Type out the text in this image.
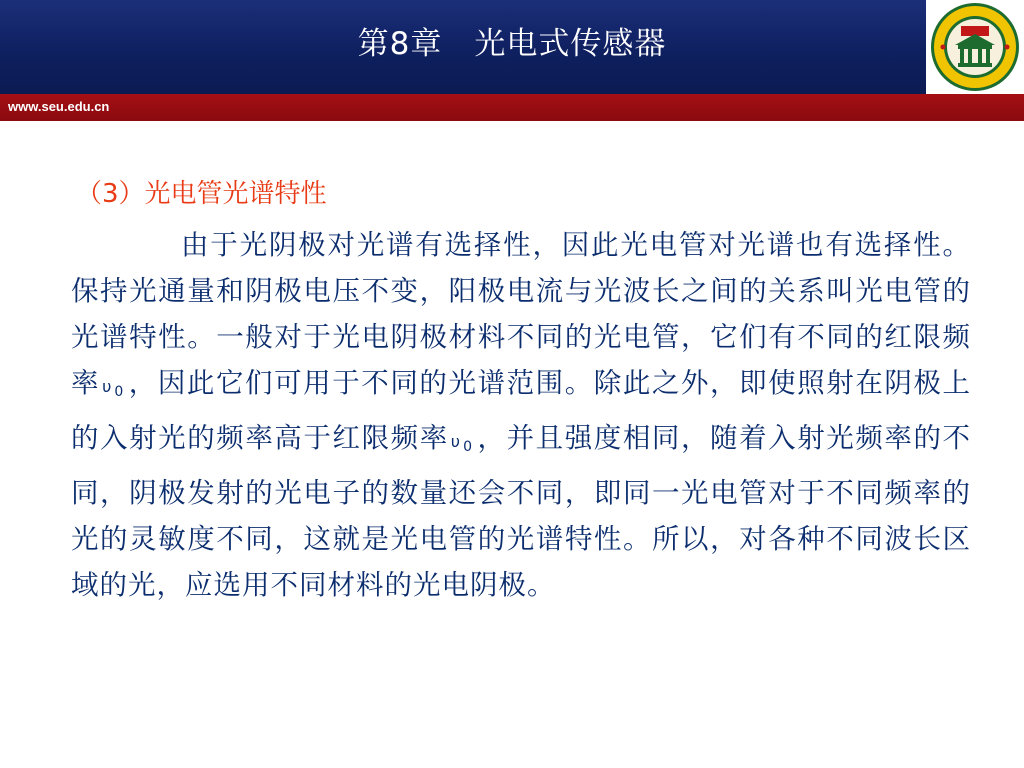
第8章　光电式传感器
www.seu.edu.cn
（3）光电管光谱特性
由于光阴极对光谱有选择性，因此光电管对光谱也有选择性。保持光通量和阴极电压不变，阳极电流与光波长之间的关系叫光电管的光谱特性。一般对于光电阴极材料不同的光电管，它们有不同的红限频率 υ $_0$ ，因此它们可用于不同的光谱范围。除此之外，即使照射在阴极上的入射光的频率高于红限频率 υ $_0$ ，并且强度相同，随着入射光频率的不同，阴极发射的光电子的数量还会不同，即同一光电管对于不同频率的光的灵敏度不同，这就是光电管的光谱特性。所以，对各种不同波长区域的光，应选用不同材料的光电阴极。
